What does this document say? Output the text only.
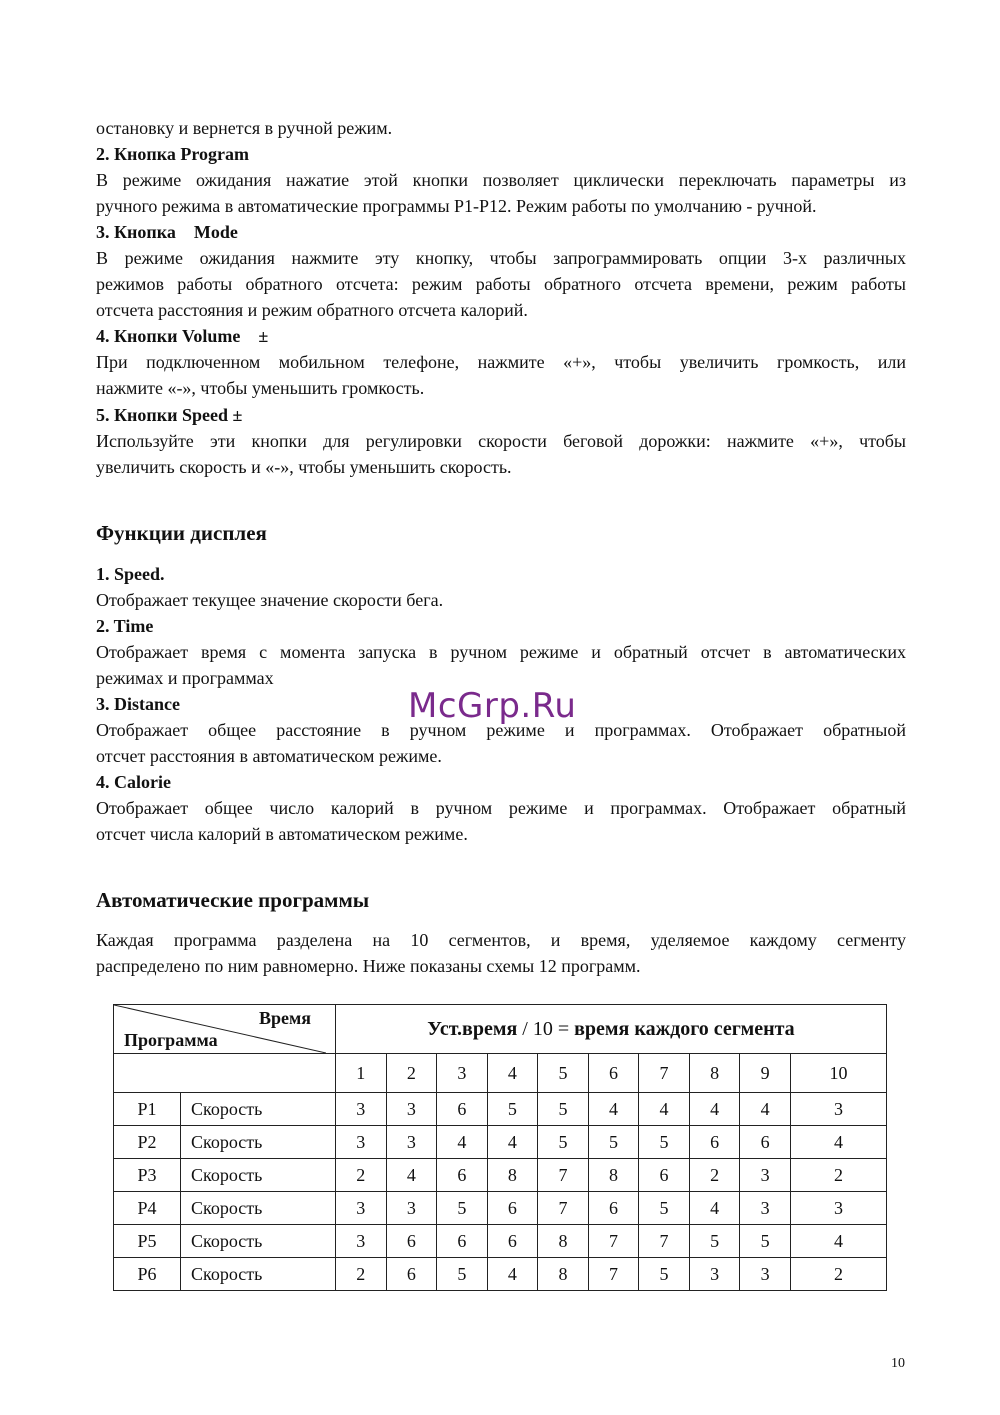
остановку и вернется в ручной режим.

2. Кнопка Program

В режиме ожидания нажатие этой кнопки позволяет циклически переключать параметры из

ручного режима в автоматические программы P1-P12. Режим работы по умолчанию - ручной.

3. Кнопка    Mode

В режиме ожидания нажмите эту кнопку, чтобы запрограммировать опции 3-х различных

режимов работы обратного отсчета: режим работы обратного отсчета времени, режим работы

отсчета расстояния и режим обратного отсчета калорий.

4. Кнопки Volume    ±

При подключенном мобильном телефоне, нажмите «+», чтобы увеличить громкость, или

нажмите «-», чтобы уменьшить громкость.

5. Кнопки Speed ±

Используйте эти кнопки для регулировки скорости беговой дорожки: нажмите «+», чтобы

увеличить скорость и «-», чтобы уменьшить скорость.

Функции дисплея

1. Speed.

Отображает текущее значение скорости бега.

2. Time

Отображает время с момента запуска в ручном режиме и обратный отсчет в автоматических

режимах и программах

3. Distance

Отображает общее расстояние в ручном режиме и программах. Отображает обратныой

отсчет расстояния в автоматическом режиме.

4. Calorie

Отображает общее число калорий в ручном режиме и программах. Отображает обратный

отсчет числа калорий в автоматическом режиме.

Автоматические программы

Каждая программа разделена на 10 сегментов, и время, уделяемое каждому сегменту

распределено по ним равномерно. Ниже показаны схемы 12 программ.

McGrp.Ru
Время
Программа		Уст.время / 10 = время каждого сегмента									
		1	2	3	4	5	6	7	8	9	10
P1	Скорость	3	3	6	5	5	4	4	4	4	3
P2	Скорость	3	3	4	4	5	5	5	6	6	4
P3	Скорость	2	4	6	8	7	8	6	2	3	2
P4	Скорость	3	3	5	6	7	6	5	4	3	3
P5	Скорость	3	6	6	6	8	7	7	5	5	4
P6	Скорость	2	6	5	4	8	7	5	3	3	2
10
